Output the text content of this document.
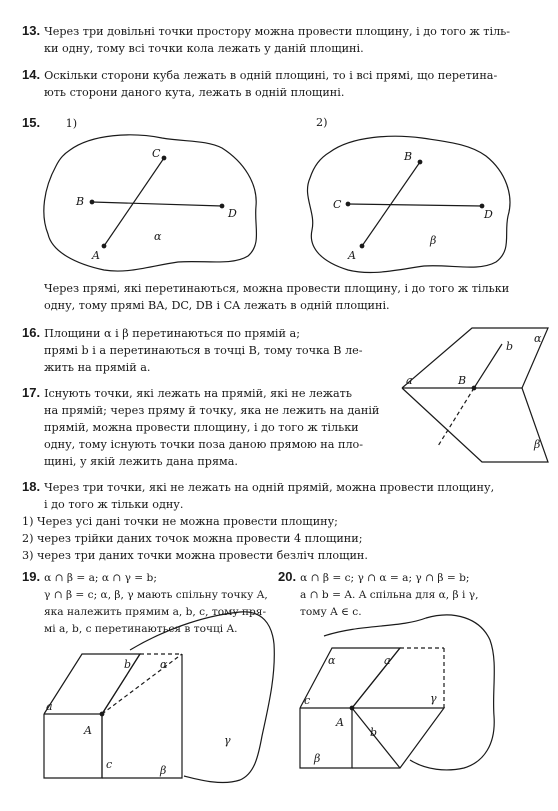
13. Через три довільні точки простору можна провести площину, і до того ж тіль-
ки одну, тому всі точки кола лежать у даній площині.
14. Оскільки сторони куба лежать в одній площині, то і всі прямі, що перетина-
ють сторони даного кута, лежать в одній площині.
15. 1)	2)
C
B
D
A
α
B
C
D
A
β
α
b
B
a
β
b	α
a
A
γ
c	β
α	a
c
A
b
γ
β
Через прямі, які перетинаються, можна провести площину, і до того ж тільки
одну, тому прямі BA, DC, DB і CA лежать в одній площині.
16. Площини α і β перетинаються по прямій a;
прямі b і a перетинаються в точці B, тому точка B ле-
жить на прямій a.
17. Існують точки, які лежать на прямій, які не лежать
на прямій; через пряму й точку, яка не лежить на даній
прямій, можна провести площину, і до того ж тільки
одну, тому існують точки поза даною прямою на пло-
щині, у якій лежить дана пряма.
18. Через три точки, які не лежать на одній прямій, можна провести площину,
і до того ж тільки одну.
1) Через усі дані точки не можна провести площину;
2) через трійки даних точок можна провести 4 площини;
3) через три даних точки можна провести безліч площин.
19. α ∩ β = a; α ∩ γ = b;
γ ∩ β = c; α, β, γ мають спільну точку A,
яка належить прямим a, b, c, тому пря-
мі a, b, c перетинаються в точці A.
20. α ∩ β = c; γ ∩ α = a; γ ∩ β = b;
a ∩ b = A. A спільна для α, β і γ,
тому A ∈ c.
